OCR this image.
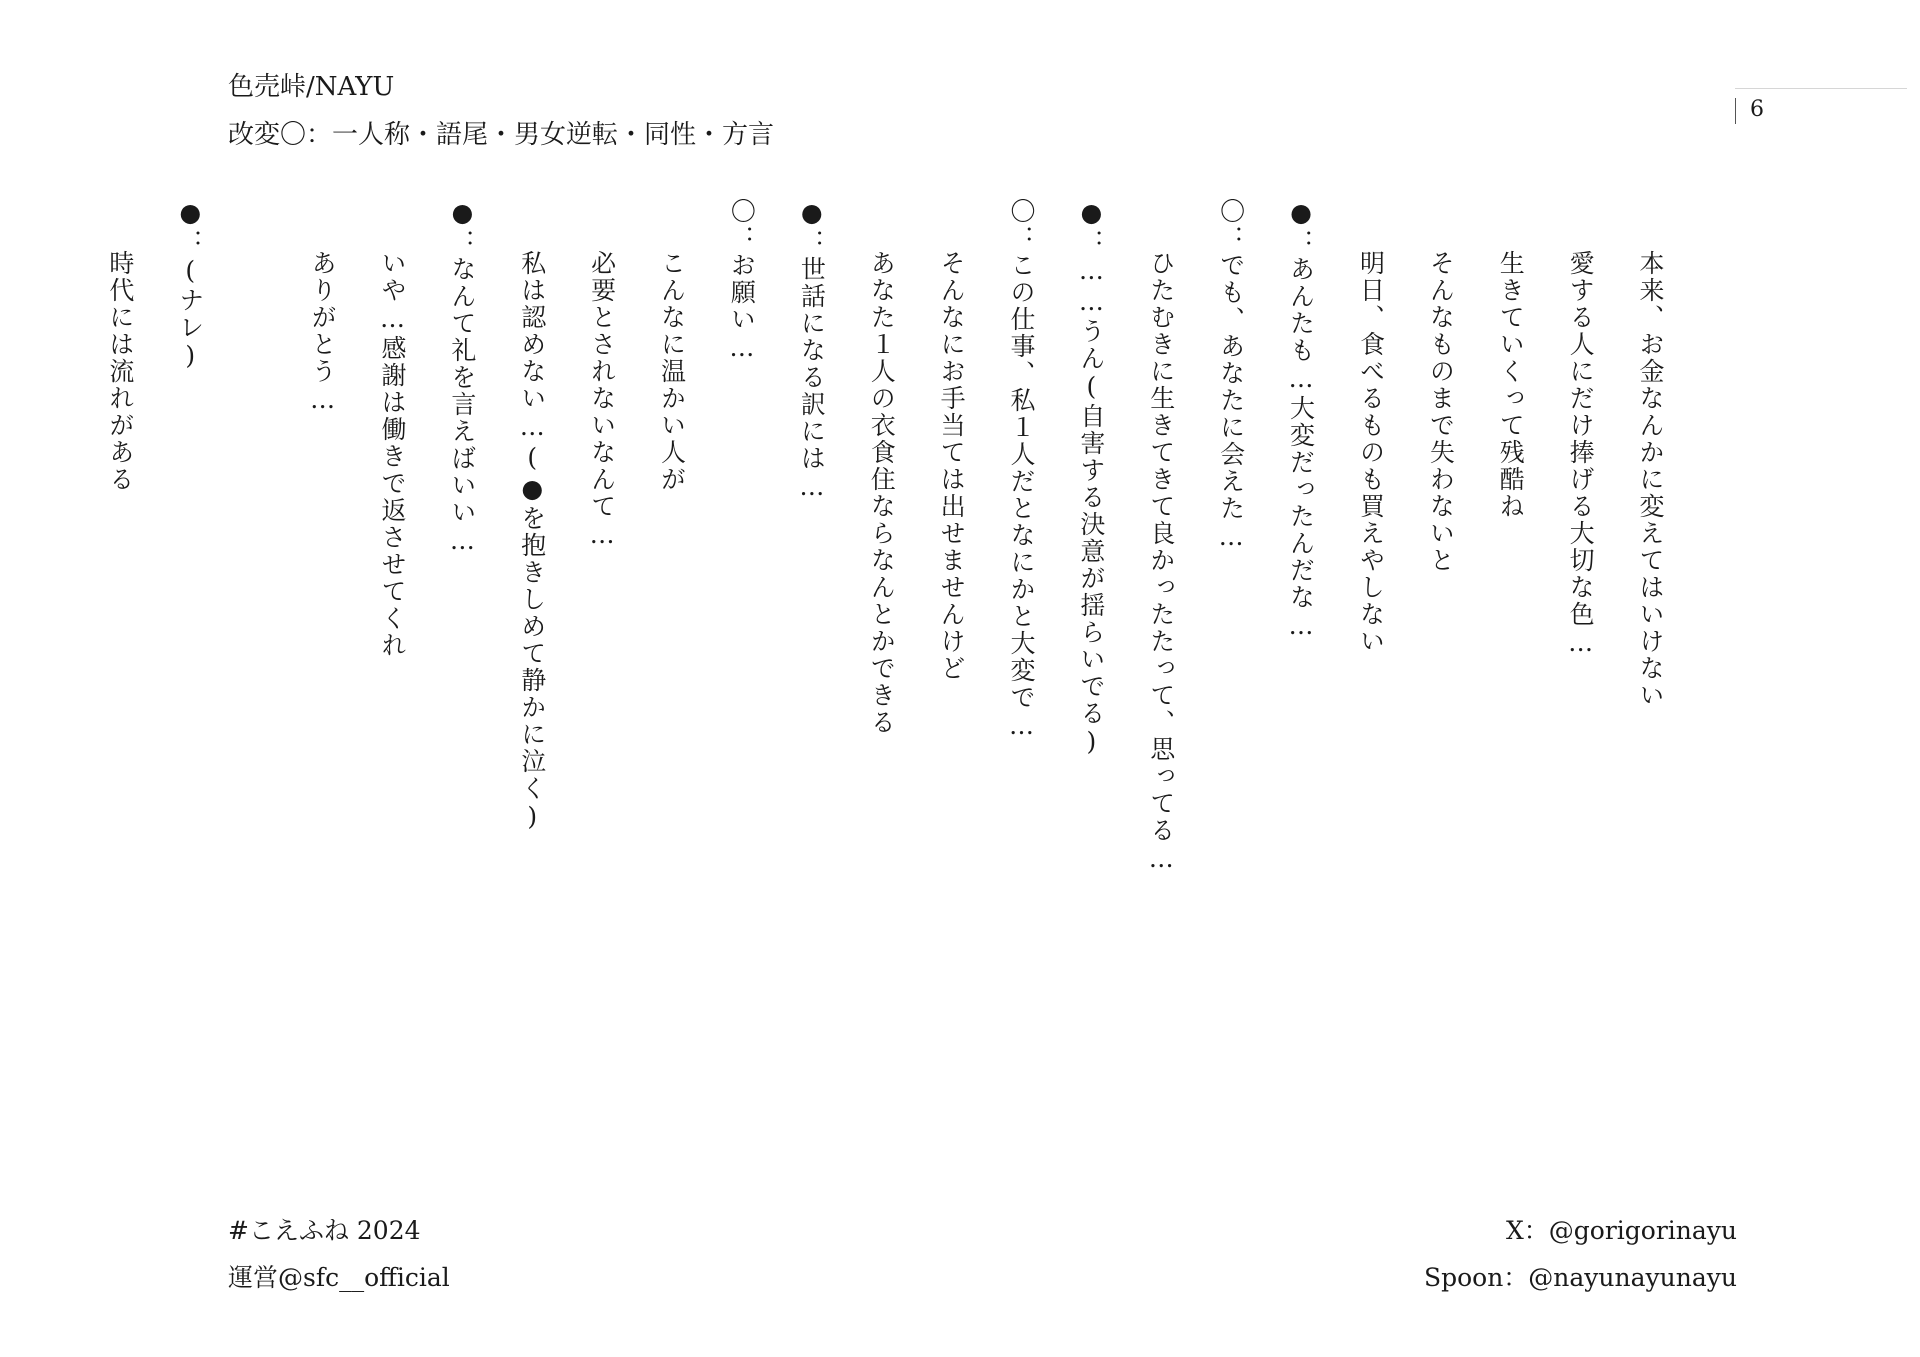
色売峠/NAYU
改変〇：一人称・語尾・男女逆転・同性・方言
6
本来、お金なんかに変えてはいけない
愛する人にだけ捧げる大切な色…
生きていくって残酷ね
そんなものまで失わないと
明日、食べるものも買えやしない
●：あんたも…大変だったんだな…
〇：でも、あなたに会えた…
ひたむきに生きてきて良かったたって、思ってる…
●：……うん(自害する決意が揺らいでる)
〇：この仕事、私１人だとなにかと大変で…
そんなにお手当ては出せませんけど
あなた１人の衣食住ならなんとかできる
●：世話になる訳には…
〇：お願い…
こんなに温かい人が
必要とされないなんて…
私は認めない…(●を抱きしめて静かに泣く)
●：なんて礼を言えばいい…
いや…感謝は働きで返させてくれ
ありがとう…
●：(ナレ)
時代には流れがある
#こえふね 2024
運営@sfc__official
X：@gorigorinayu
Spoon：@nayunayunayu
